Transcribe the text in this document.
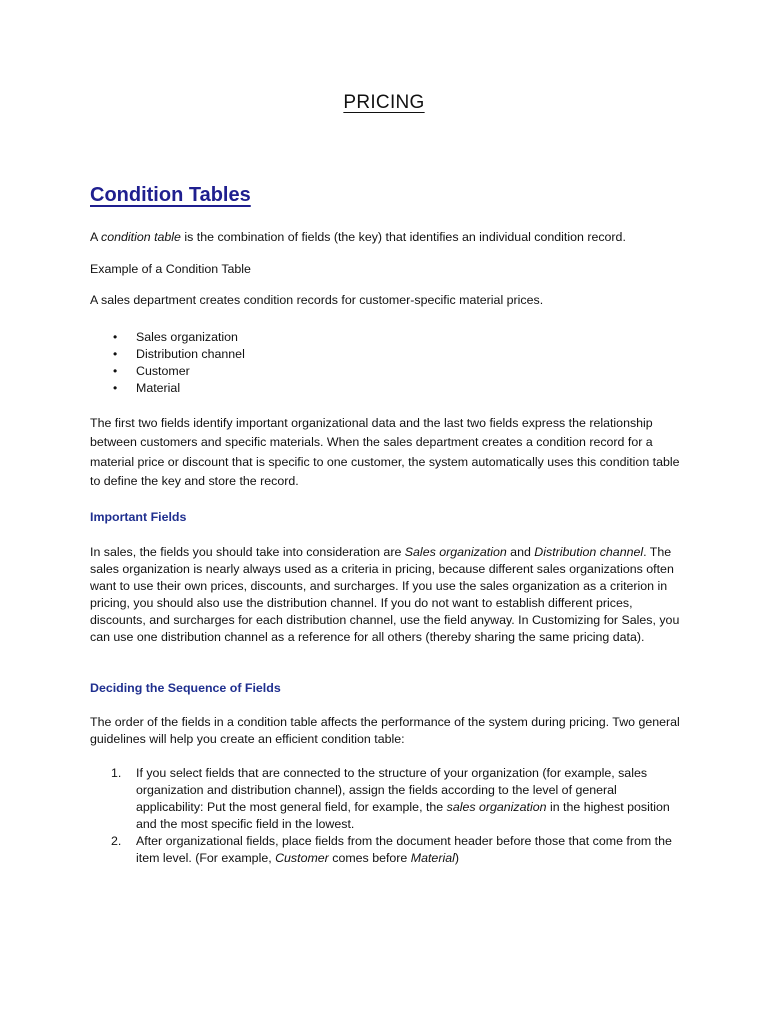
PRICING
Condition Tables

A condition table is the combination of fields (the key) that identifies an individual condition record.

Example of a Condition Table

A sales department creates condition records for customer-specific material prices.

• Sales organization
• Distribution channel
• Customer
• Material

The first two fields identify important organizational data and the last two fields express the relationship between customers and specific materials. When the sales department creates a condition record for a material price or discount that is specific to one customer, the system automatically uses this condition table to define the key and store the record.

Important Fields

In sales, the fields you should take into consideration are Sales organization and Distribution channel. The sales organization is nearly always used as a criteria in pricing, because different sales organizations often want to use their own prices, discounts, and surcharges. If you use the sales organization as a criterion in pricing, you should also use the distribution channel. If you do not want to establish different prices, discounts, and surcharges for each distribution channel, use the field anyway. In Customizing for Sales, you can use one distribution channel as a reference for all others (thereby sharing the same pricing data).

Deciding the Sequence of Fields

The order of the fields in a condition table affects the performance of the system during pricing. Two general guidelines will help you create an efficient condition table:

1. If you select fields that are connected to the structure of your organization (for example, sales organization and distribution channel), assign the fields according to the level of general applicability: Put the most general field, for example, the sales organization in the highest position and the most specific field in the lowest.
2. After organizational fields, place fields from the document header before those that come from the item level. (For example, Customer comes before Material)
